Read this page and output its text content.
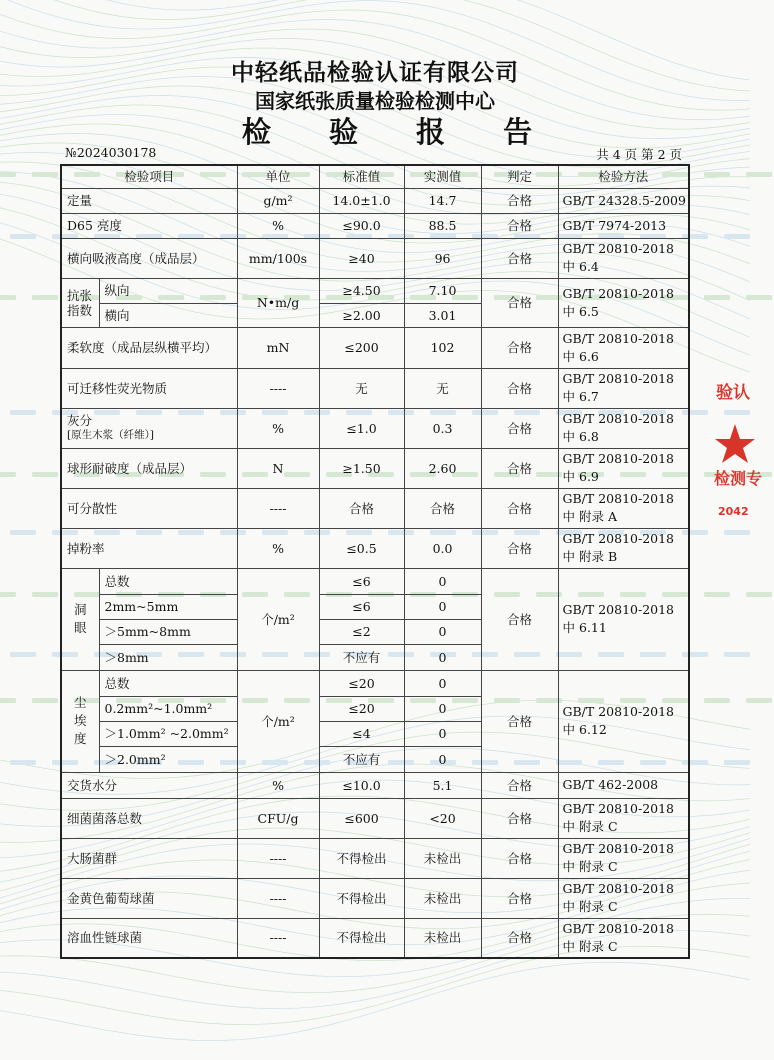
中轻纸品检验认证有限公司
国家纸张质量检验检测中心
检 验 报 告
№2024030178	共 4 页 第 2 页
检验项目		单位	标准值	实测值	判定	检验方法
定量		g/m²	14.0±1.0	14.7	合格	GB/T 24328.5-2009
D65 亮度		%	≤90.0	88.5	合格	GB/T 7974-2013
横向吸液高度（成品层）		mm/100s	≥40	96	合格	GB/T 20810-2018 中 6.4
抗张指数	纵向	N•m/g	≥4.50	7.10	合格	GB/T 20810-2018 中 6.5
	横向		≥2.00	3.01		
柔软度（成品层纵横平均）		mN	≤200	102	合格	GB/T 20810-2018 中 6.6
可迁移性荧光物质		----	无	无	合格	GB/T 20810-2018 中 6.7
灰分
[原生木浆（纤维）]		%	≤1.0	0.3	合格	GB/T 20810-2018 中 6.8
球形耐破度（成品层）		N	≥1.50	2.60	合格	GB/T 20810-2018 中 6.9
可分散性		----	合格	合格	合格	GB/T 20810-2018 中 附录 A
掉粉率		%	≤0.5	0.0	合格	GB/T 20810-2018 中 附录 B
洞眼	总数	个/m²	≤6	0	合格	GB/T 20810-2018 中 6.11
	2mm~5mm		≤6	0		
	＞5mm~8mm		≤2	0		
	＞8mm		不应有	0		
尘埃度	总数	个/m²	≤20	0	合格	GB/T 20810-2018 中 6.12
	0.2mm²~1.0mm²		≤20	0		
	＞1.0mm² ~2.0mm²		≤4	0		
	＞2.0mm²		不应有	0		
交货水分		%	≤10.0	5.1	合格	GB/T 462-2008
细菌菌落总数		CFU/g	≤600	<20	合格	GB/T 20810-2018 中 附录 C
大肠菌群		----	不得检出	未检出	合格	GB/T 20810-2018 中 附录 C
金黄色葡萄球菌		----	不得检出	未检出	合格	GB/T 20810-2018 中 附录 C
溶血性链球菌		----	不得检出	未检出	合格	GB/T 20810-2018 中 附录 C
验认
检测专
2042
